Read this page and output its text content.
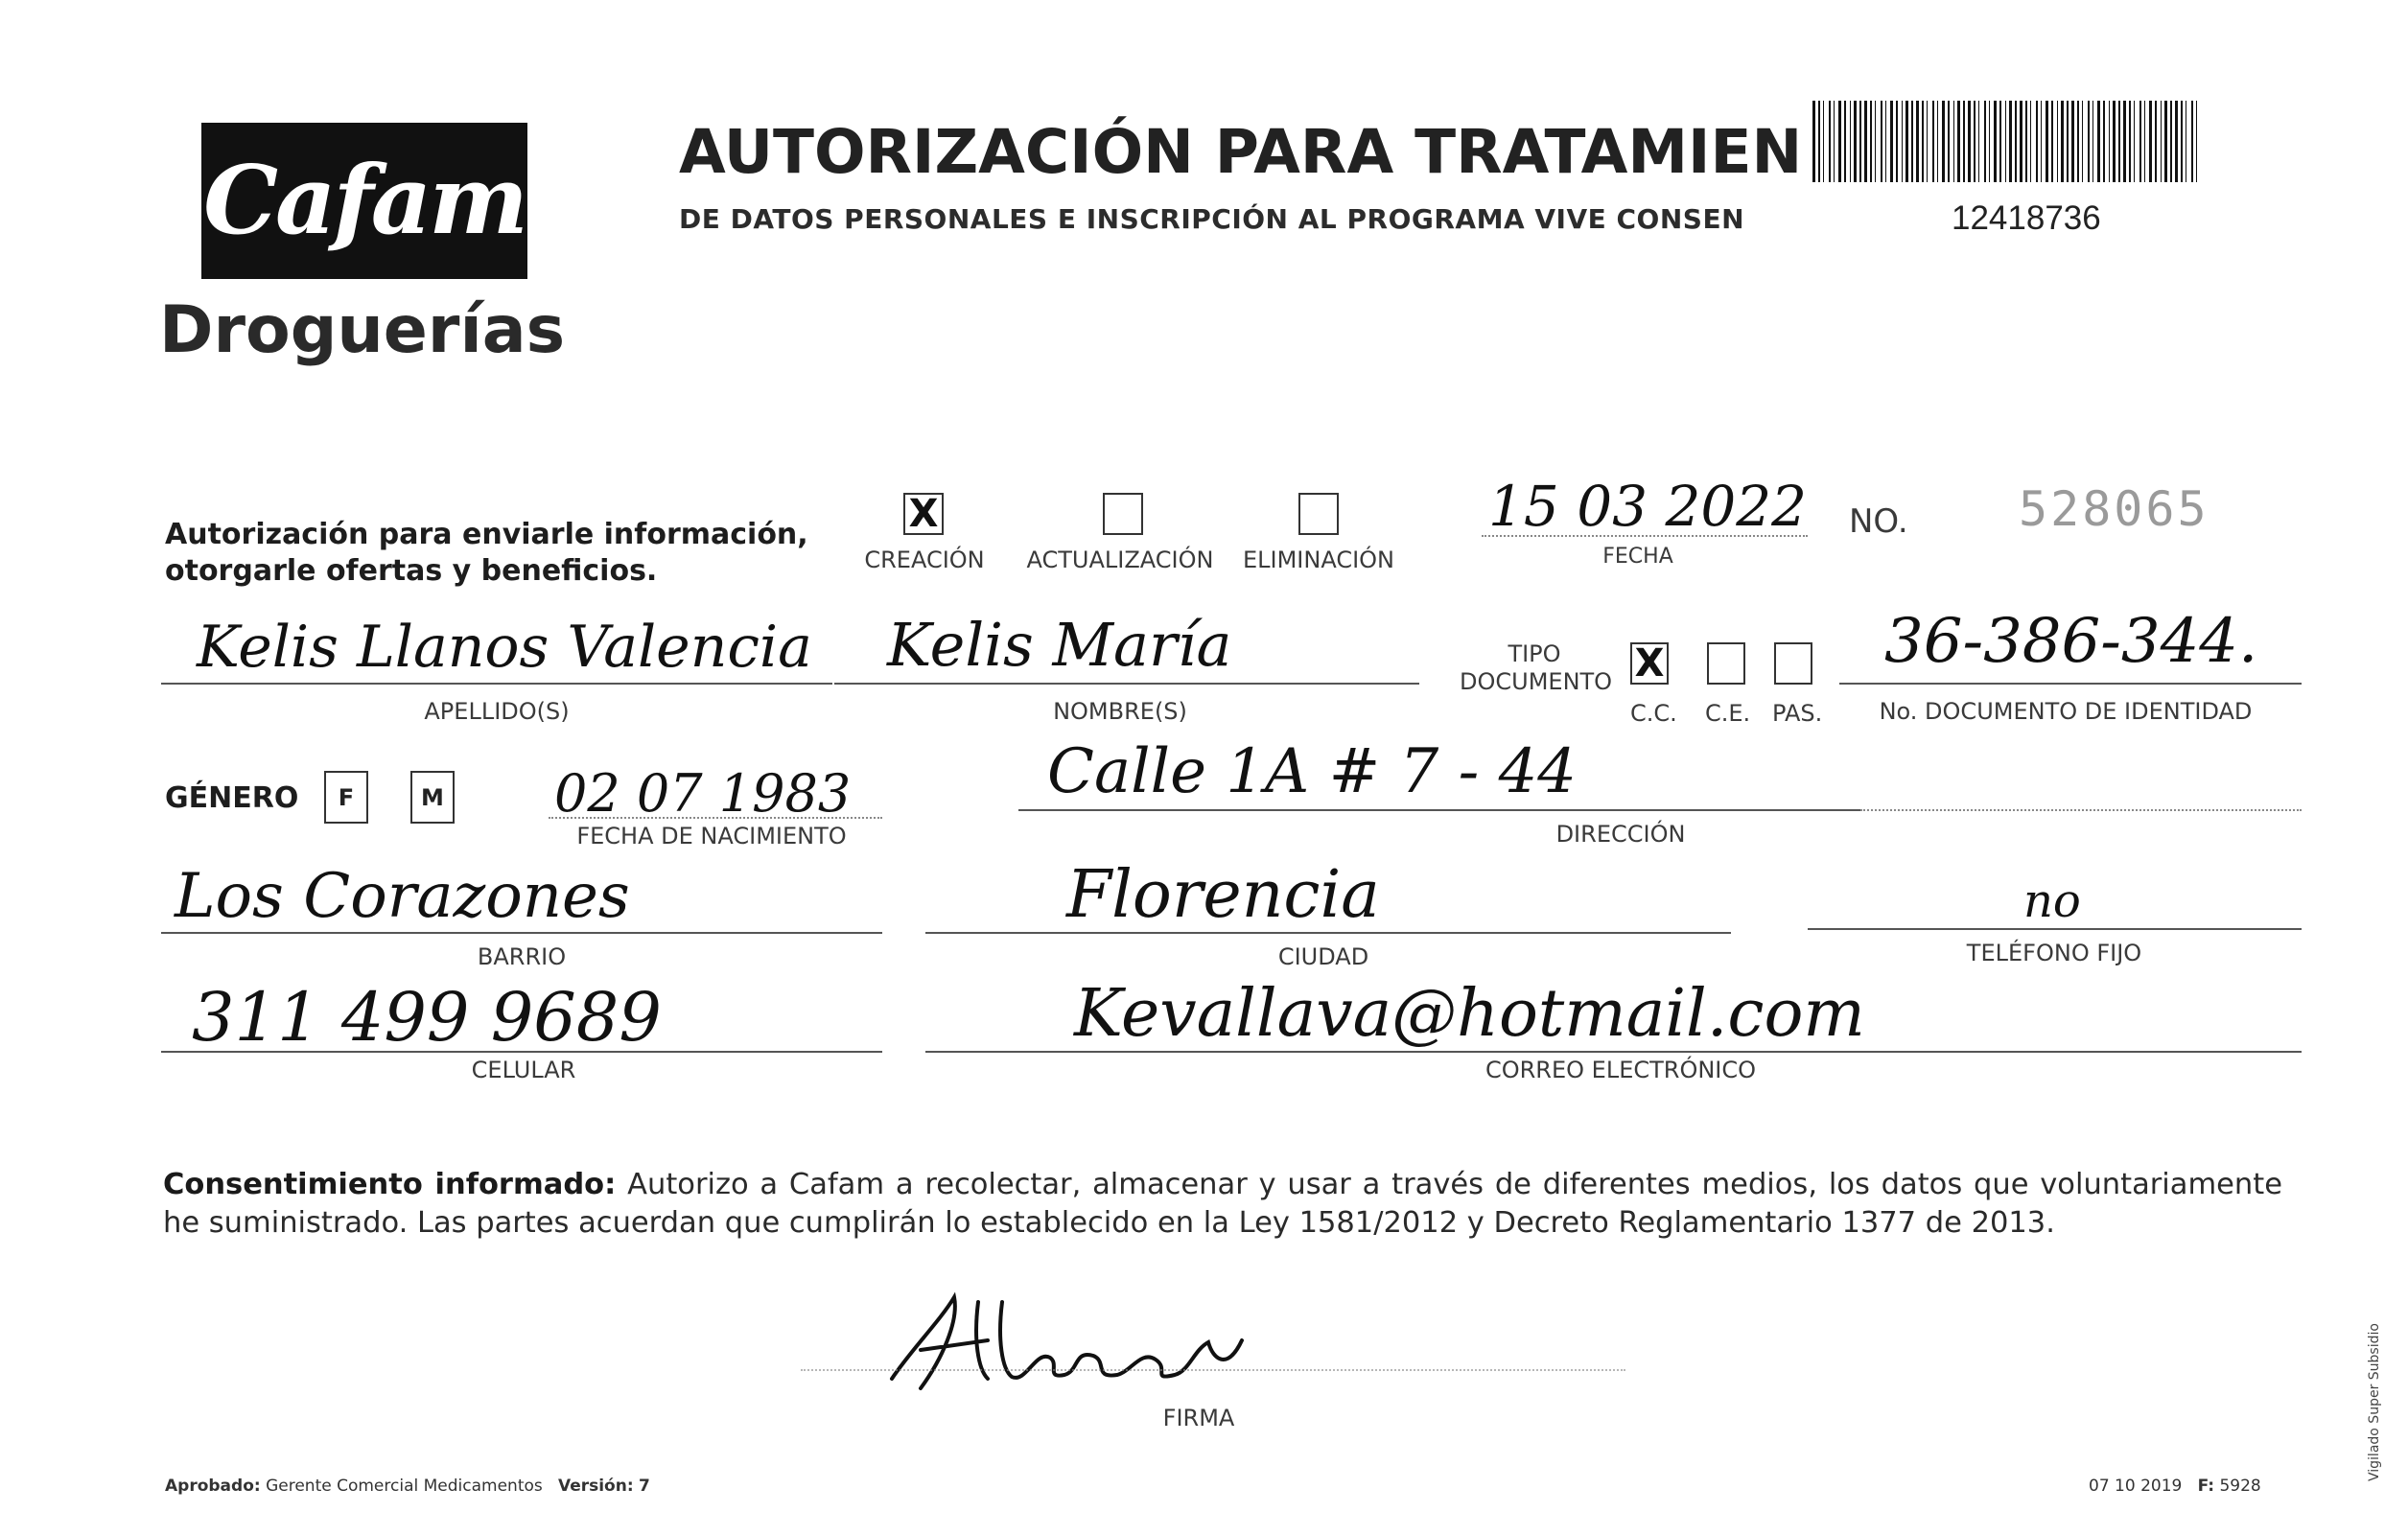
Cafam
Droguerías
AUTORIZACIÓN PARA TRATAMIEN
DE DATOS PERSONALES E INSCRIPCIÓN AL PROGRAMA VIVE CONSEN	12418736
Autorización para enviarle información,
otorgarle ofertas y beneficios.
X
CREACIÓN ACTUALIZACIÓN ELIMINACIÓN
15 03 2022
FECHA
NO. 528065
Kelis Llanos Valencia
APELLIDO(S)
Kelis María
NOMBRE(S)
TIPO
DOCUMENTO X
C.C. C.E. PAS.
36-386-344.
No. DOCUMENTO DE IDENTIDAD
GÉNERO F	M 02 07 1983
FECHA DE NACIMIENTO
Calle 1A # 7 - 44
DIRECCIÓN
Los Corazones
BARRIO
Florencia
CIUDAD
no
TELÉFONO FIJO
311 499 9689
CELULAR
Kevallava@hotmail.com
CORREO ELECTRÓNICO
Consentimiento informado: Autorizo a Cafam a recolectar, almacenar y usar a través de diferentes medios, los datos que voluntariamente he suministrado. Las partes acuerdan que cumplirán lo establecido en la Ley 1581/2012 y Decreto Reglamentario 1377 de 2013.
FIRMA
Aprobado: Gerente Comercial Medicamentos Versión: 7	07 10 2019 F: 5928
Vigilado Super Subsidio
